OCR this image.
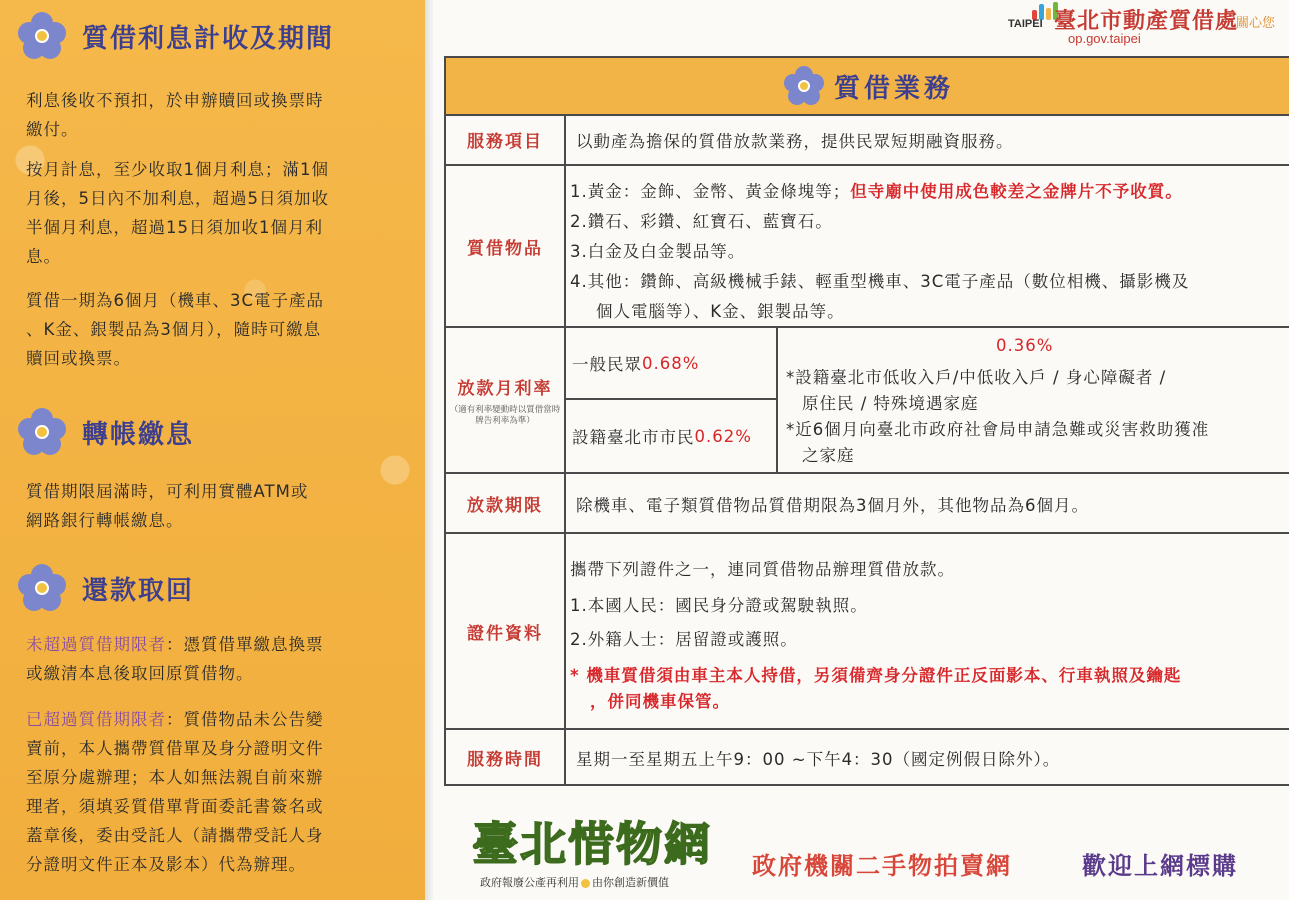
質借利息計收及期間

利息後收不預扣，於申辦贖回或換票時
繳付。

按月計息，至少收取1個月利息；滿1個
月後，5日內不加利息，超過5日須加收
半個月利息，超過15日須加收1個月利
息。

質借一期為6個月（機車、3C電子產品
、K金、銀製品為3個月），隨時可繳息
贖回或換票。

轉帳繳息

質借期限屆滿時，可利用實體ATM或
網路銀行轉帳繳息。

還款取回

未超過質借期限者：憑質借單繳息換票
或繳清本息後取回原質借物。

已超過質借期限者：質借物品未公告變
賣前，本人攜帶質借單及身分證明文件
至原分處辦理；本人如無法親自前來辦
理者，須填妥質借單背面委託書簽名或
蓋章後，委由受託人（請攜帶受託人身
分證明文件正本及影本）代為辦理。

TAIPEI 臺北市動產質借處
關心您
op.gov.taipei
質借業務
服務項目 以動產為擔保的質借放款業務，提供民眾短期融資服務。
質借物品
1.黃金：金飾、金幣、黃金條塊等；但寺廟中使用成色較差之金牌片不予收質。
2.鑽石、彩鑽、紅寶石、藍寶石。
3.白金及白金製品等。
4.其他：鑽飾、高級機械手錶、輕重型機車、3C電子產品（數位相機、攝影機及
個人電腦等）、K金、銀製品等。
放款月利率
（適有利率變動時以質借當時牌告利率為準）
一般民眾 0.68%
設籍臺北市市民 0.62%
0.36%
*設籍臺北市低收入戶/中低收入戶 / 身心障礙者 /
原住民 / 特殊境遇家庭
*近6個月向臺北市政府社會局申請急難或災害救助獲准
之家庭
放款期限 除機車、電子類質借物品質借期限為3個月外，其他物品為6個月。
證件資料
攜帶下列證件之一，連同質借物品辦理質借放款。
1.本國人民：國民身分證或駕駛執照。
2.外籍人士：居留證或護照。
* 機車質借須由車主本人持借，另須備齊身分證件正反面影本、行車執照及鑰匙
，併同機車保管。
服務時間 星期一至星期五上午9：00 ~下午4：30（國定例假日除外）。
臺北惜物網
政府報廢公產再利用 由你創造新價值
政府機關二手物拍賣網	歡迎上網標購
